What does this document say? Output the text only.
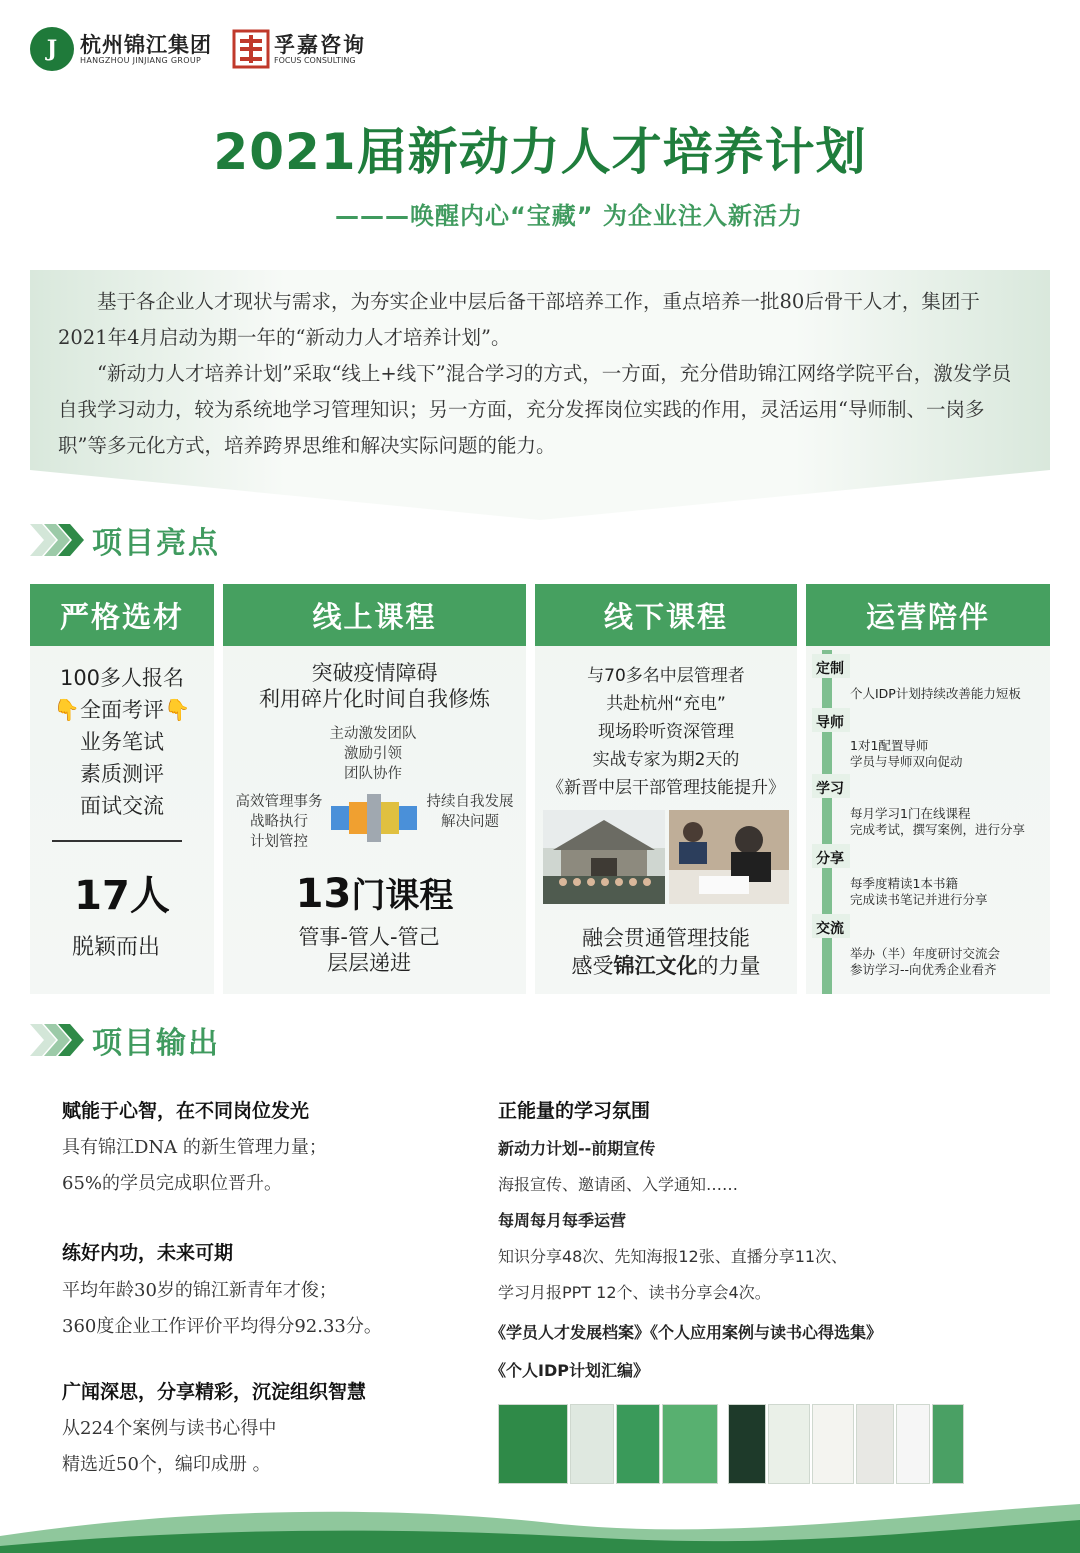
J	杭州锦江集团
HANGZHOU JINJIANG GROUP
孚嘉咨询
FOCUS CONSULTING
2021届新动力人才培养计划
———唤醒内心“宝藏” 为企业注入新活力

基于各企业人才现状与需求，为夯实企业中层后备干部培养工作，重点培养一批80后骨干人才，集团于2021年4月启动为期一年的“新动力人才培养计划”。

“新动力人才培养计划”采取“线上+线下”混合学习的方式，一方面，充分借助锦江网络学院平台，激发学员自我学习动力，较为系统地学习管理知识；另一方面，充分发挥岗位实践的作用，灵活运用“导师制、一岗多职”等多元化方式，培养跨界思维和解决实际问题的能力。

项目亮点
严格选材
100多人报名
👇全面考评👇
业务笔试
素质测评
面试交流
17人
脱颖而出
线上课程
突破疫情障碍
利用碎片化时间自我修炼
主动激发团队
激励引领
团队协作
高效管理事务
战略执行
计划管控
持续自我发展
解决问题
13门课程
管事-管人-管己
层层递进
线下课程
与70多名中层管理者
共赴杭州“充电”
现场聆听资深管理
实战专家为期2天的
《新晋中层干部管理技能提升》
融会贯通管理技能
感受锦江文化的力量
运营陪伴
定制
个人IDP计划持续改善能力短板
导师
1对1配置导师
学员与导师双向促动
学习
每月学习1门在线课程
完成考试，撰写案例，进行分享
分享
每季度精读1本书籍
完成读书笔记并进行分享
交流
举办（半）年度研讨交流会
参访学习--向优秀企业看齐
项目输出
赋能于心智，在不同岗位发光
具有锦江DNA 的新生管理力量；
65%的学员完成职位晋升。
练好内功，未来可期
平均年龄30岁的锦江新青年才俊；
360度企业工作评价平均得分92.33分。
广闻深思，分享精彩，沉淀组织智慧
从224个案例与读书心得中
精选近50个，编印成册 。
正能量的学习氛围
新动力计划--前期宣传
海报宣传、邀请函、入学通知……
每周每月每季运营
知识分享48次、先知海报12张、直播分享11次、
学习月报PPT 12个、读书分享会4次。
《学员人才发展档案》《个人应用案例与读书心得选集》
《个人IDP计划汇编》
